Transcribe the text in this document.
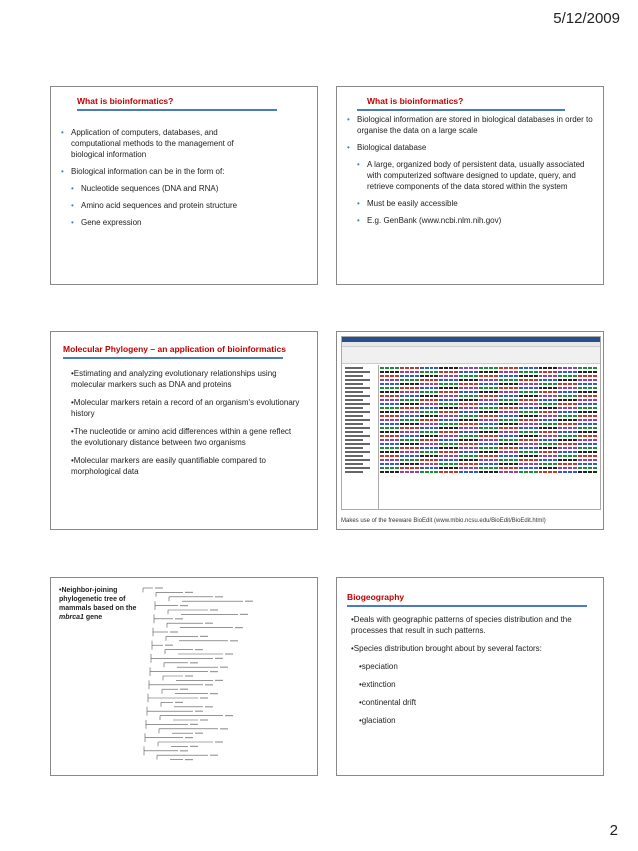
5/12/2009
What is bioinformatics?
• Application of computers, databases, and computational methods to the management of biological information
• Biological information can be in the form of:
• Nucleotide sequences (DNA and RNA)
• Amino acid sequences and protein structure
• Gene expression
What is bioinformatics?
• Biological information are stored in biological databases in order to organise the data on a large scale
• Biological database
• A large, organized body of persistent data, usually associated with computerized software designed to update, query, and retrieve components of the data stored within the system
• Must be easily accessible
• E.g. GenBank (www.ncbi.nlm.nih.gov)
Molecular Phylogeny – an application of bioinformatics

•Estimating and analyzing evolutionary relationships using molecular markers such as DNA and proteins

•Molecular markers retain a record of an organism's evolutionary history

•The nucleotide or amino acid differences within a gene reflect the evolutionary distance between two organisms

•Molecular markers are easily quantifiable compared to morphological data

Makes use of the freeware BioEdit (www.mbio.ncsu.edu/BioEdit/BioEdit.html)
•Neighbor-joining phylogenetic tree of mammals based on the mbrca1 gene
Biogeography

•Deals with geographic patterns of species distribution and the processes that result in such patterns.

•Species distribution brought about by several factors:

•speciation

•extinction

•continental drift

•glaciation

2
